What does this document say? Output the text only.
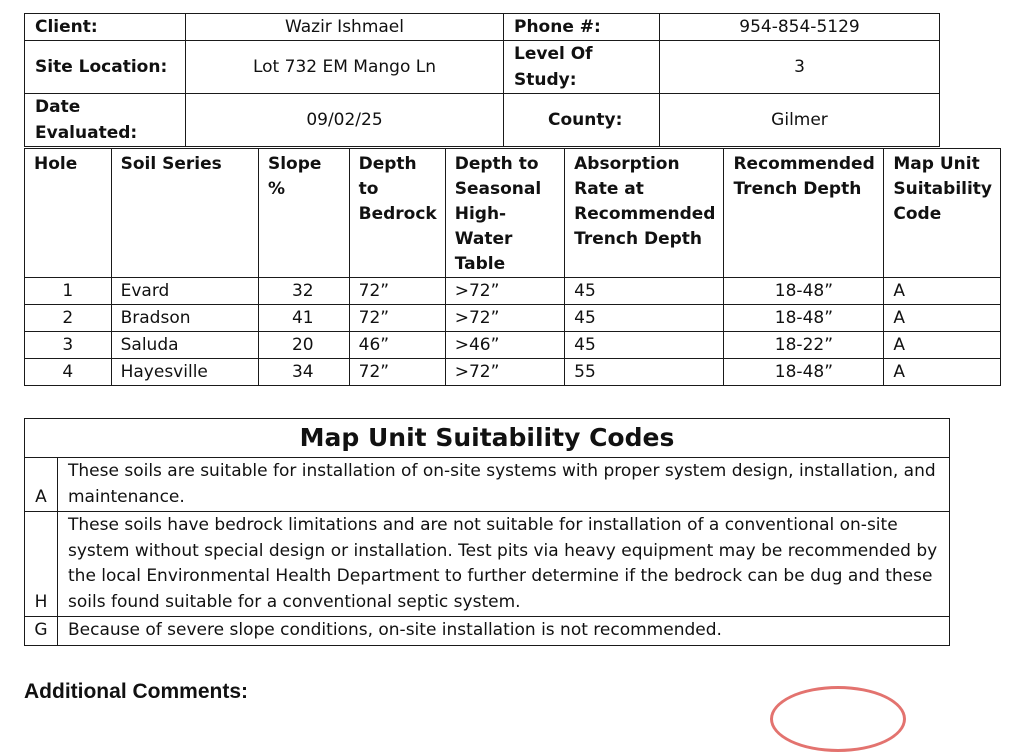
Client:	Wazir Ishmael	Phone #:	954-854-5129
Site Location:	Lot 732 EM Mango Ln	Level Of Study:	3
Date Evaluated:	09/02/25	County:	Gilmer
Hole	Soil Series	Slope %	Depth to Bedrock	Depth to Seasonal High-Water Table	Absorption Rate at Recommended Trench Depth	Recommended Trench Depth	Map Unit Suitability Code
1	Evard	32	72”	>72”	45	18-48”	A
2	Bradson	41	72”	>72”	45	18-48”	A
3	Saluda	20	46”	>46”	45	18-22”	A
4	Hayesville	34	72”	>72”	55	18-48”	A
Map Unit Suitability Codes	
A	These soils are suitable for installation of on-site systems with proper system design, installation, and maintenance.
H	These soils have bedrock limitations and are not suitable for installation of a conventional on-site system without special design or installation. Test pits via heavy equipment may be recommended by the local Environmental Health Department to further determine if the bedrock can be dug and these soils found suitable for a conventional septic system.
G	Because of severe slope conditions, on-site installation is not recommended.

Additional Comments:
